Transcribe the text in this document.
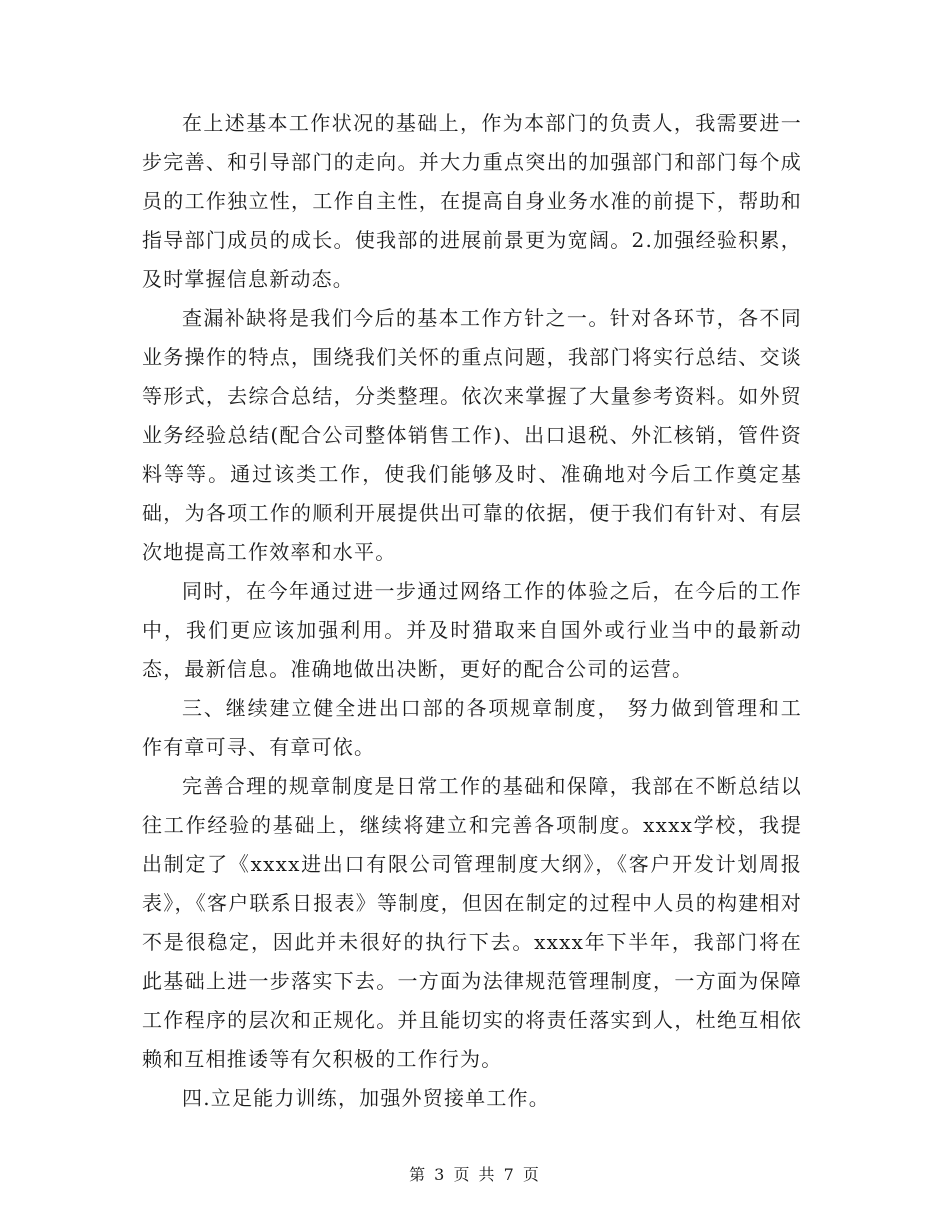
在上述基本工作状况的基础上，作为本部门的负责人，我需要进一步完善、和引导部门的走向。并大力重点突出的加强部门和部门每个成员的工作独立性，工作自主性，在提高自身业务水准的前提下，帮助和指导部门成员的成长。使我部的进展前景更为宽阔。2.加强经验积累，及时掌握信息新动态。

查漏补缺将是我们今后的基本工作方针之一。针对各环节，各不同业务操作的特点，围绕我们关怀的重点问题，我部门将实行总结、交谈等形式，去综合总结，分类整理。依次来掌握了大量参考资料。如外贸业务经验总结(配合公司整体销售工作)、出口退税、外汇核销，管件资料等等。通过该类工作，使我们能够及时、准确地对今后工作奠定基础，为各项工作的顺利开展提供出可靠的依据，便于我们有针对、有层次地提高工作效率和水平。

同时，在今年通过进一步通过网络工作的体验之后，在今后的工作中，我们更应该加强利用。并及时猎取来自国外或行业当中的最新动态，最新信息。准确地做出决断，更好的配合公司的运营。

三、继续建立健全进出口部的各项规章制度， 努力做到管理和工作有章可寻、有章可依。

完善合理的规章制度是日常工作的基础和保障，我部在不断总结以往工作经验的基础上，继续将建立和完善各项制度。xxxx学校，我提出制定了《xxxx进出口有限公司管理制度大纲》，《客户开发计划周报表》，《客户联系日报表》等制度，但因在制定的过程中人员的构建相对不是很稳定，因此并未很好的执行下去。xxxx年下半年，我部门将在此基础上进一步落实下去。一方面为法律规范管理制度，一方面为保障工作程序的层次和正规化。并且能切实的将责任落实到人，杜绝互相依赖和互相推诿等有欠积极的工作行为。

四.立足能力训练，加强外贸接单工作。

第 3 页 共 7 页
